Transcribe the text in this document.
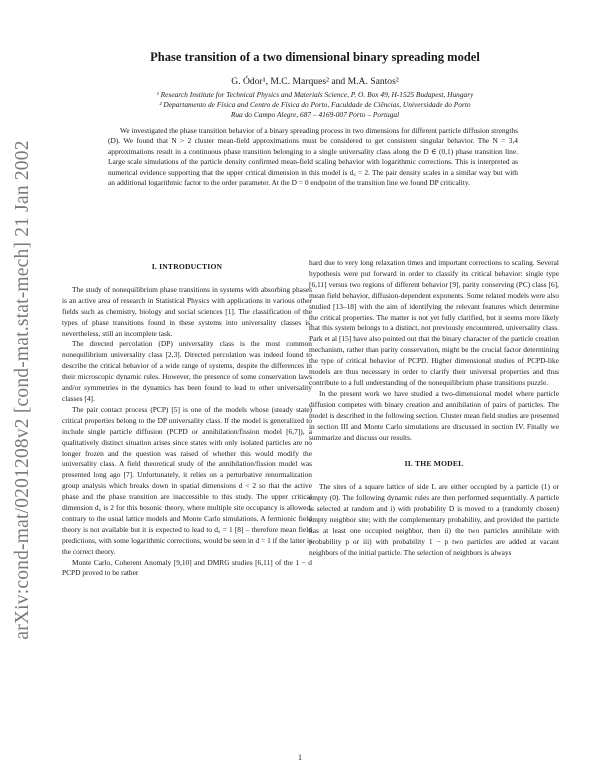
arXiv:cond-mat/0201208v2 [cond-mat.stat-mech] 21 Jan 2002
Phase transition of a two dimensional binary spreading model
G. Ódor¹, M.C. Marques² and M.A. Santos²
¹ Research Institute for Technical Physics and Materials Science, P. O. Box 49, H-1525 Budapest, Hungary
² Departamento de Física and Centro de Física do Porto, Faculdade de Ciências, Universidade do Porto
Rua do Campo Alegre, 687 – 4169-007 Porto – Portugal
We investigated the phase transition behavior of a binary spreading process in two dimensions for different particle diffusion strengths (D). We found that N > 2 cluster mean-field approximations must be considered to get consistent singular behavior. The N = 3,4 approximations result in a continuous phase transition belonging to a single universality class along the D ∈ (0,1) phase transition line. Large scale simulations of the particle density confirmed mean-field scaling behavior with logarithmic corrections. This is interpreted as numerical evidence supporting that the upper critical dimension in this model is d꜀ = 2. The pair density scales in a similar way but with an additional logarithmic factor to the order parameter. At the D = 0 endpoint of the transition line we found DP criticality.
I. INTRODUCTION

The study of nonequilibrium phase transitions in systems with absorbing phases is an active area of research in Statistical Physics with applications in various other fields such as chemistry, biology and social sciences [1]. The classification of the types of phase transitions found in these systems into universality classes is, nevertheless, still an incomplete task.

The directed percolation (DP) universality class is the most common nonequilibrium universality class [2,3]. Directed percolation was indeed found to describe the critical behavior of a wide range of systems, despite the differences in their microscopic dynamic rules. However, the presence of some conservation laws and/or symmetries in the dynamics has been found to lead to other universality classes [4].

The pair contact process (PCP) [5] is one of the models whose (steady state) critical properties belong to the DP universality class. If the model is generalized to include single particle diffusion (PCPD or annihilation/fission model [6,7]), a qualitatively distinct situation arises since states with only isolated particles are no longer frozen and the question was raised of whether this would modify the universality class. A field theoretical study of the annihilation/fission model was presented long ago [7]. Unfortunately, it relies on a perturbative renormalization group analysis which breaks down in spatial dimensions d < 2 so that the active phase and the phase transition are inaccessible to this study. The upper critical dimension d꜀ is 2 for this bosonic theory, where multiple site occupancy is allowed, contrary to the usual lattice models and Monte Carlo simulations. A fermionic field theory is not available but it is expected to lead to d꜀ = 1 [8] – therefore mean field predictions, with some logarithmic corrections, would be seen in d = 1 if the latter is the correct theory.

Monte Carlo, Coherent Anomaly [9,10] and DMRG studies [6,11] of the 1 − d PCPD proved to be rather

hard due to very long relaxation times and important corrections to scaling. Several hypothesis were put forward in order to classify its critical behavior: single type [6,11] versus two regions of different behavior [9], parity conserving (PC) class [6], mean field behavior, diffusion-dependent exponents. Some related models were also studied [13–18] with the aim of identifying the relevant features which determine the critical properties. The matter is not yet fully clarified, but it seems more likely that this system belongs to a distinct, not previously encountered, universality class. Park et al [15] have also pointed out that the binary character of the particle creation mechanism, rather than parity conservation, might be the crucial factor determining the type of critical behavior of PCPD. Higher dimensional studies of PCPD-like models are thus necessary in order to clarify their universal properties and thus contribute to a full understanding of the nonequilibrium phase transitions puzzle.

In the present work we have studied a two-dimensional model where particle diffusion competes with binary creation and annihilation of pairs of particles. The model is described in the following section. Cluster mean field studies are presented in section III and Monte Carlo simulations are discussed in section IV. Finally we summarize and discuss our results.

II. THE MODEL

The sites of a square lattice of side L are either occupied by a particle (1) or empty (0). The following dynamic rules are then performed sequentially. A particle is selected at random and i) with probability D is moved to a (randomly chosen) empty neighbor site; with the complementary probability, and provided the particle has at least one occupied neighbor, then ii) the two particles annihilate with probability p or iii) with probability 1 − p two particles are added at vacant neighbors of the initial particle. The selection of neighbors is always

1
